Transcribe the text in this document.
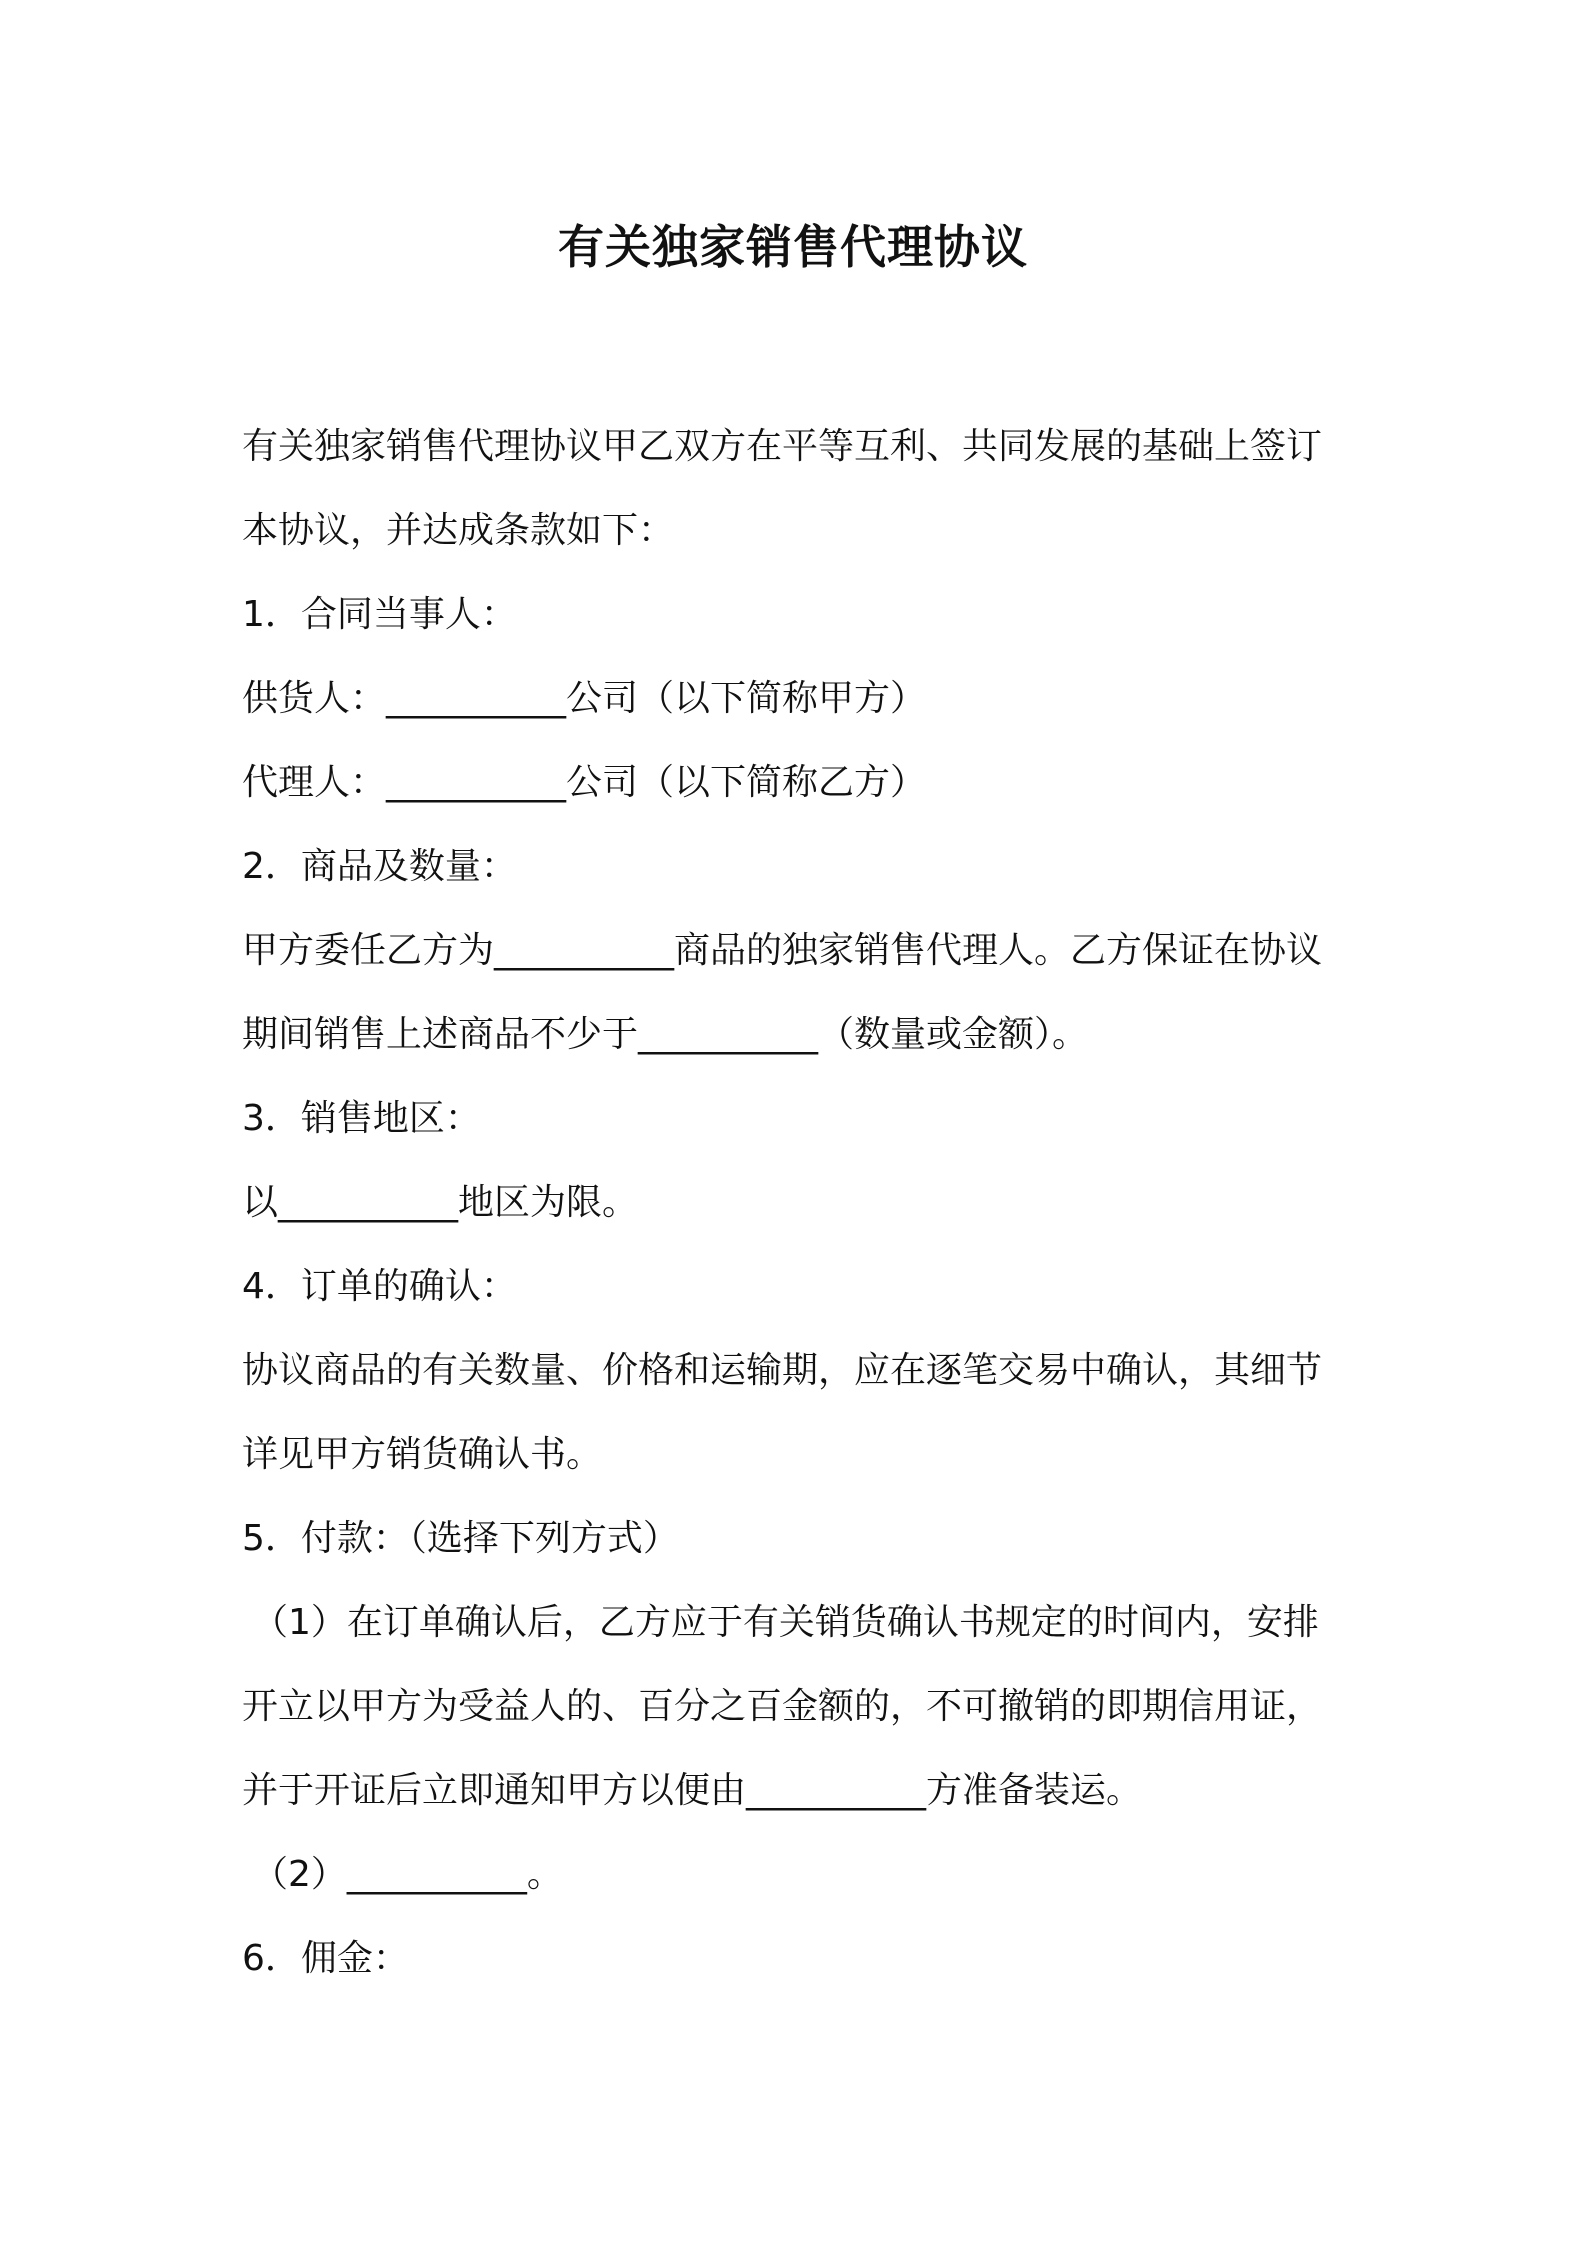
有关独家销售代理协议
有关独家销售代理协议甲乙双方在平等互利、共同发展的基础上签订
本协议，并达成条款如下：
1．合同当事人：
供货人：__________公司（以下简称甲方）
代理人：__________公司（以下简称乙方）
2．商品及数量：
甲方委任乙方为__________商品的独家销售代理人。乙方保证在协议
期间销售上述商品不少于__________（数量或金额）。
3．销售地区：
以__________地区为限。
4．订单的确认：
协议商品的有关数量、价格和运输期，应在逐笔交易中确认，其细节
详见甲方销货确认书。
5．付款：（选择下列方式）
（1）在订单确认后，乙方应于有关销货确认书规定的时间内，安排
开立以甲方为受益人的、百分之百金额的，不可撤销的即期信用证，
并于开证后立即通知甲方以便由__________方准备装运。
（2）__________。
6．佣金：
